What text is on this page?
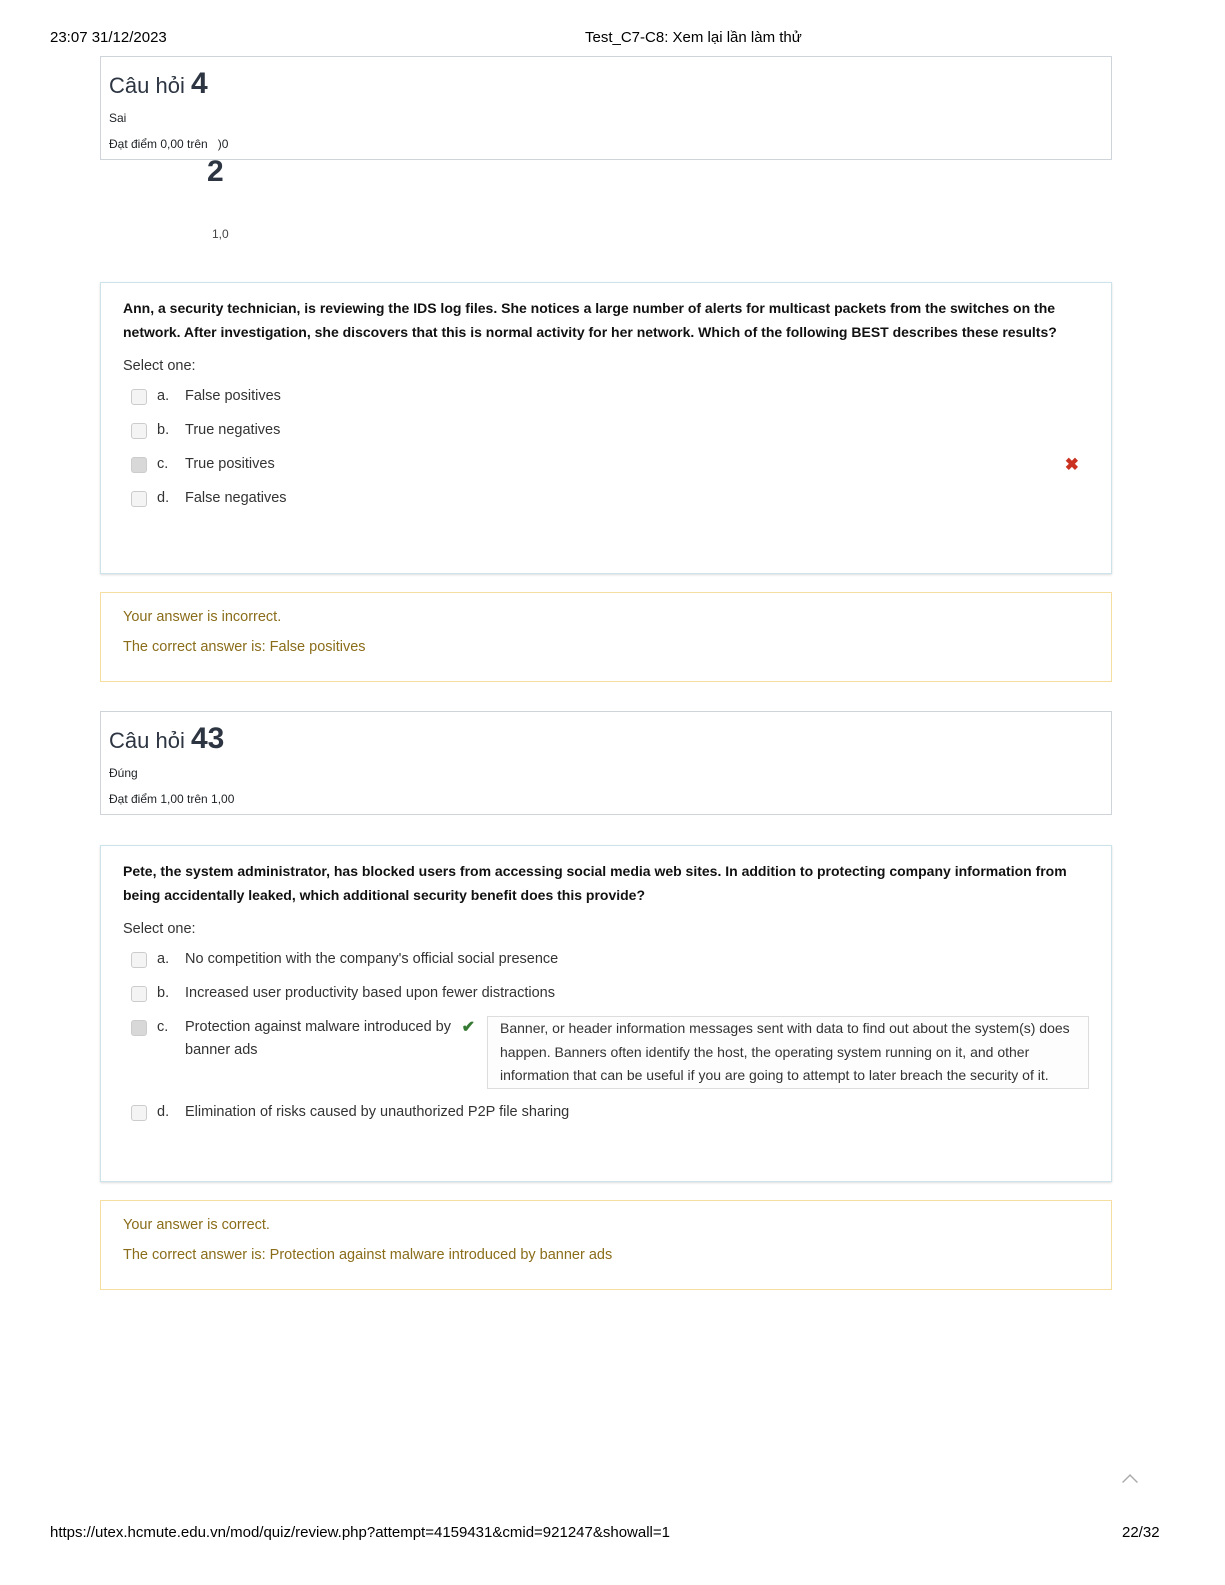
23:07 31/12/2023	Test_C7-C8: Xem lại lần làm thử
Câu hỏi 4
Sai
Đạt điểm 0,00 trên )0
2
1,0
Ann, a security technician, is reviewing the IDS log files. She notices a large number of alerts for multicast packets from the switches on the network. After investigation, she discovers that this is normal activity for her network. Which of the following BEST describes these results?
Select one:
a.	False positives
b.	True negatives
c.	True positives	✖
d.	False negatives
Your answer is incorrect.
The correct answer is: False positives
Câu hỏi 43
Đúng
Đạt điểm 1,00 trên 1,00
Pete, the system administrator, has blocked users from accessing social media web sites. In addition to protecting company information from being accidentally leaked, which additional security benefit does this provide?
Select one:
a.	No competition with the company's official social presence
b.	Increased user productivity based upon fewer distractions
c.	Protection against malware introduced by banner ads
✔	Banner, or header information messages sent with data to find out about the system(s) does happen. Banners often identify the host, the operating system running on it, and other information that can be useful if you are going to attempt to later breach the security of it.
d.	Elimination of risks caused by unauthorized P2P file sharing
Your answer is correct.
The correct answer is: Protection against malware introduced by banner ads
https://utex.hcmute.edu.vn/mod/quiz/review.php?attempt=4159431&cmid=921247&showall=1	22/32
